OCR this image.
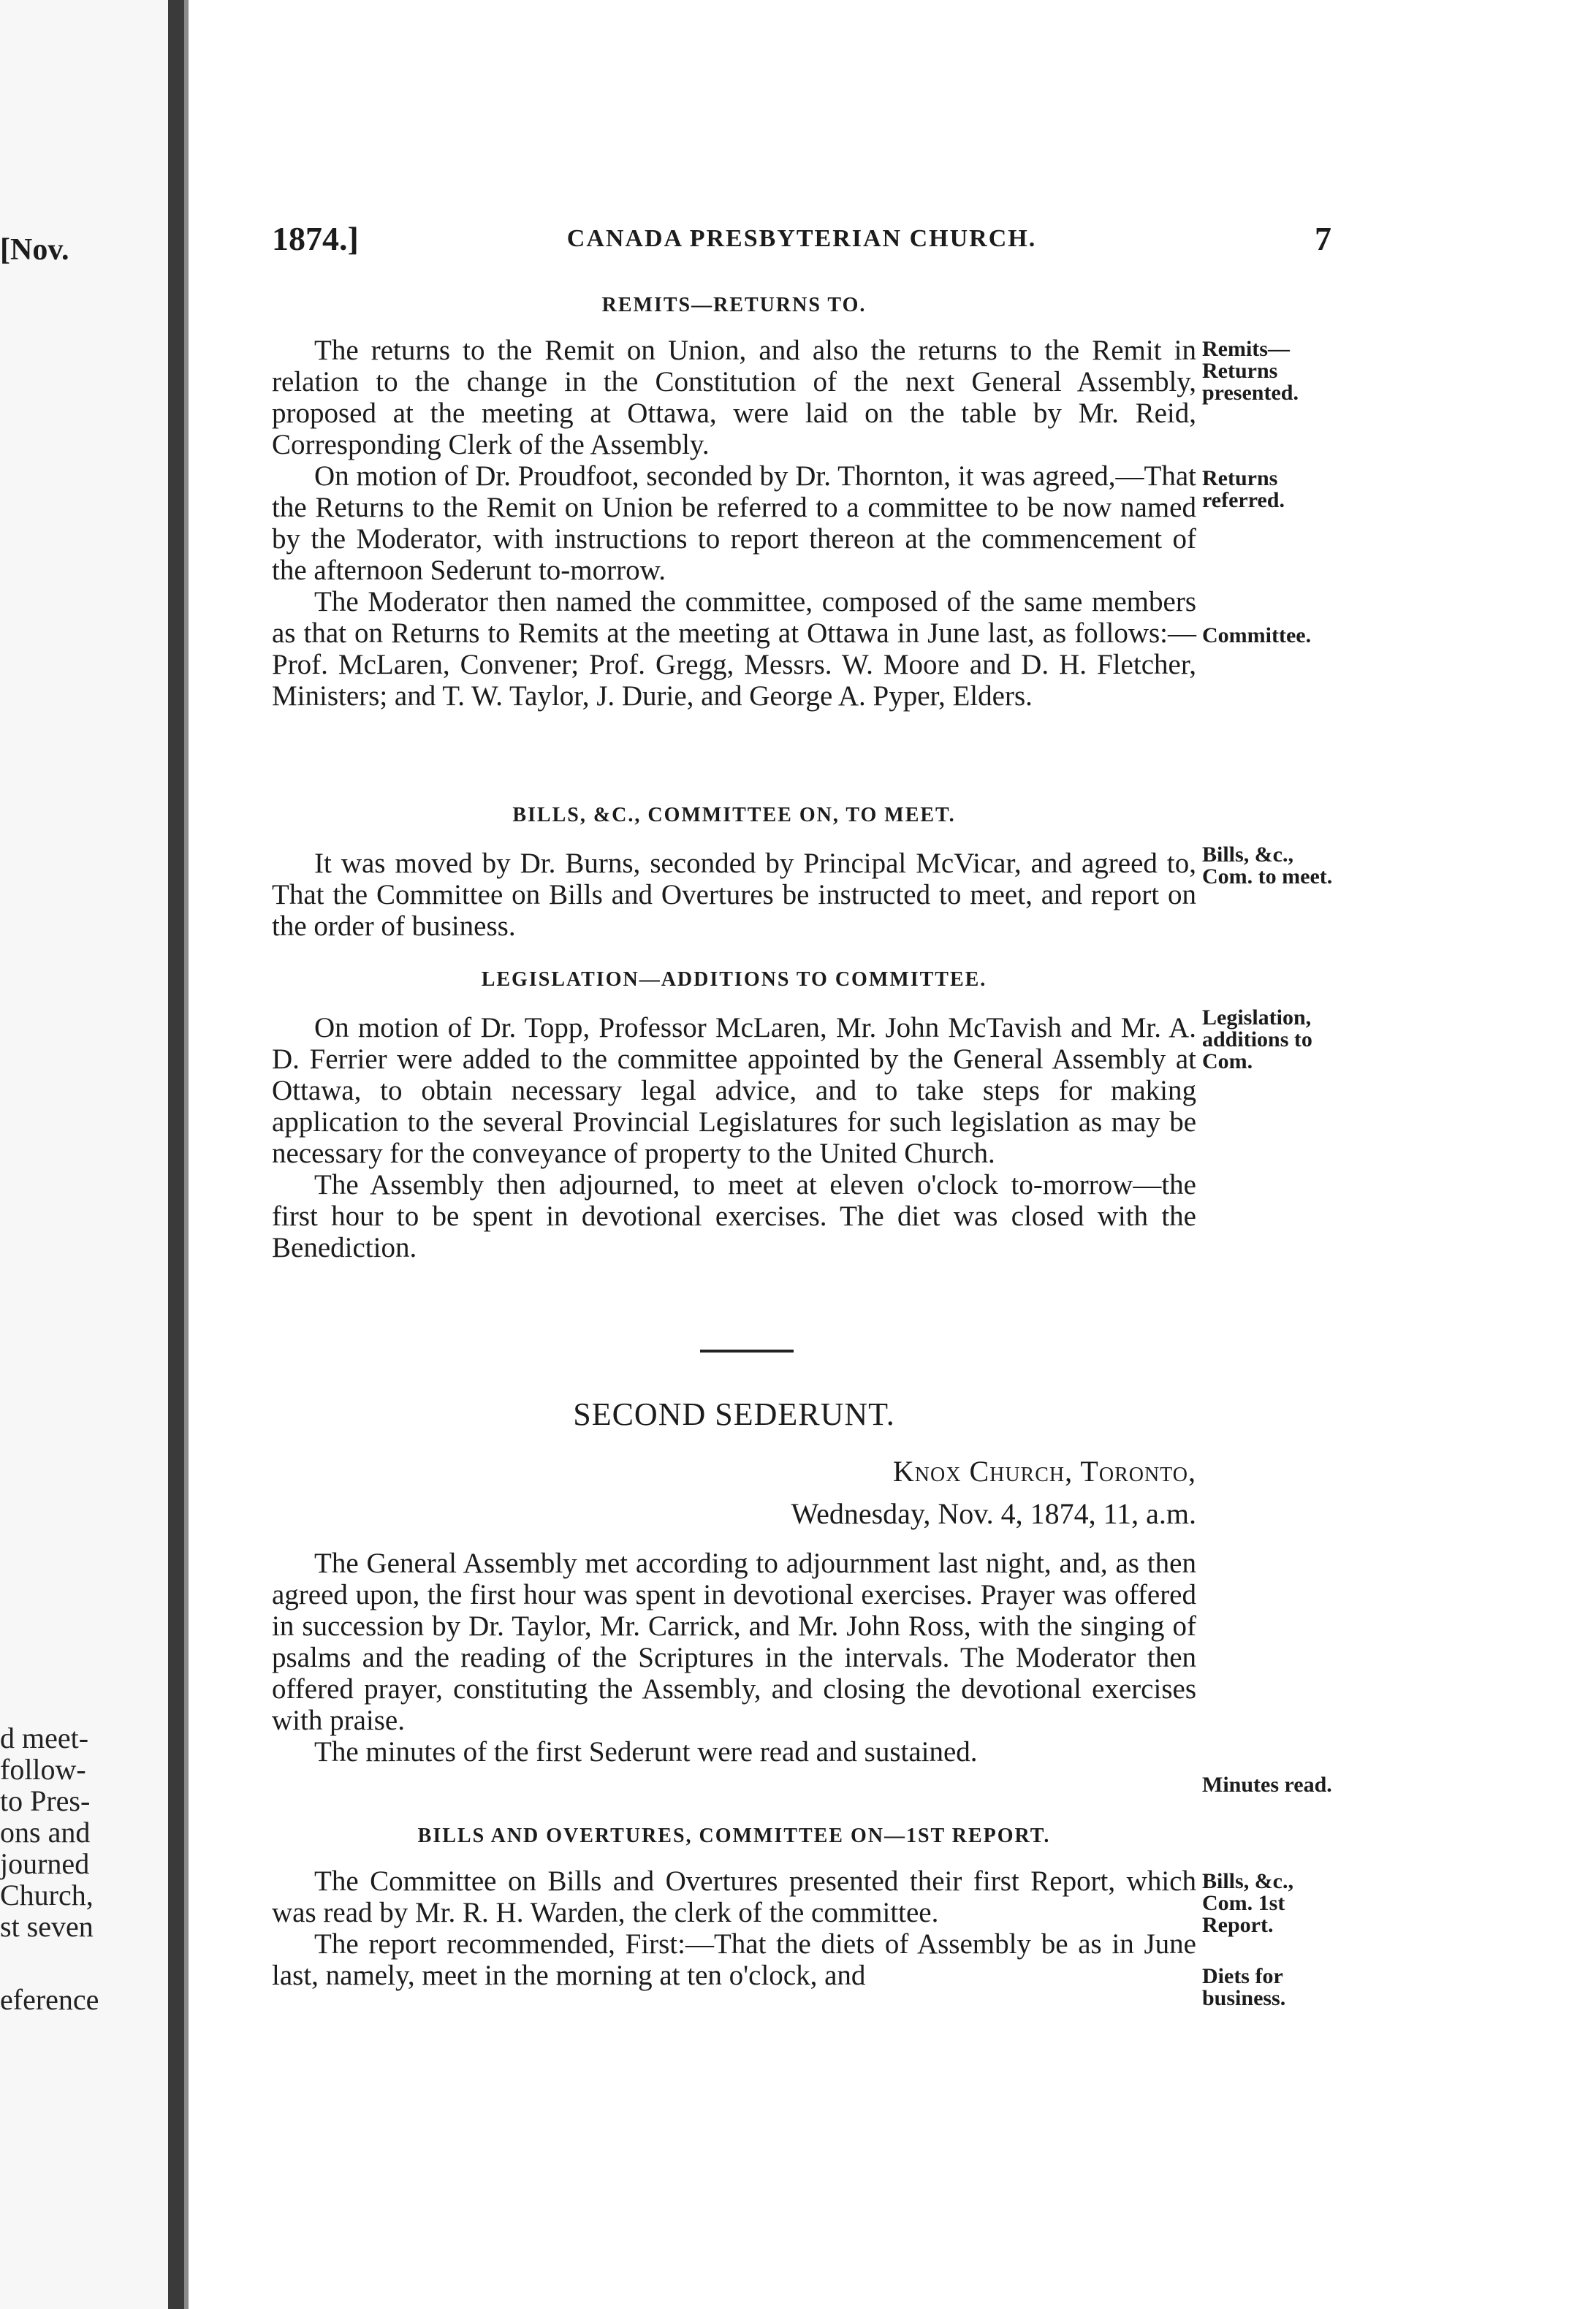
[Nov.
d meet-
follow-
to Pres-
ons and
journed
Church,
st seven
eference
1874.]	CANADA PRESBYTERIAN CHURCH.	7
REMITS—RETURNS TO.

The returns to the Remit on Union, and also the returns to the Remit in relation to the change in the Constitution of the next General Assembly, proposed at the meeting at Ottawa, were laid on the table by Mr. Reid, Corresponding Clerk of the Assembly.

On motion of Dr. Proudfoot, seconded by Dr. Thornton, it was agreed,—That the Returns to the Remit on Union be referred to a committee to be now named by the Moderator, with instructions to report thereon at the commencement of the afternoon Sederunt to-morrow.

The Moderator then named the committee, composed of the same members as that on Returns to Remits at the meeting at Ottawa in June last, as follows:—Prof. McLaren, Convener; Prof. Gregg, Messrs. W. Moore and D. H. Fletcher, Ministers; and T. W. Taylor, J. Durie, and George A. Pyper, Elders.

BILLS, &C., COMMITTEE ON, TO MEET.

It was moved by Dr. Burns, seconded by Principal McVicar, and agreed to, That the Committee on Bills and Overtures be instructed to meet, and report on the order of business.

LEGISLATION—ADDITIONS TO COMMITTEE.

On motion of Dr. Topp, Professor McLaren, Mr. John McTavish and Mr. A. D. Ferrier were added to the committee appointed by the General Assembly at Ottawa, to obtain necessary legal advice, and to take steps for making application to the several Provincial Legislatures for such legislation as may be necessary for the conveyance of property to the United Church.

The Assembly then adjourned, to meet at eleven o'clock to-morrow—the first hour to be spent in devotional exercises. The diet was closed with the Benediction.

SECOND SEDERUNT.
Knox Church, Toronto,
Wednesday, Nov. 4, 1874, 11, a.m.

The General Assembly met according to adjournment last night, and, as then agreed upon, the first hour was spent in devotional exercises. Prayer was offered in succession by Dr. Taylor, Mr. Carrick, and Mr. John Ross, with the singing of psalms and the reading of the Scriptures in the intervals. The Moderator then offered prayer, constituting the Assembly, and closing the devotional exercises with praise.

The minutes of the first Sederunt were read and sustained.

BILLS AND OVERTURES, COMMITTEE ON—1ST REPORT.

The Committee on Bills and Overtures presented their first Report, which was read by Mr. R. H. Warden, the clerk of the committee.

The report recommended, First:—That the diets of Assembly be as in June last, namely, meet in the morning at ten o'clock, and

Remits—Returns presented.
Returns referred.
Committee.
Bills, &c., Com. to meet.
Legislation, additions to Com.
Minutes read.
Bills, &c., Com. 1st Report.
Diets for business.
